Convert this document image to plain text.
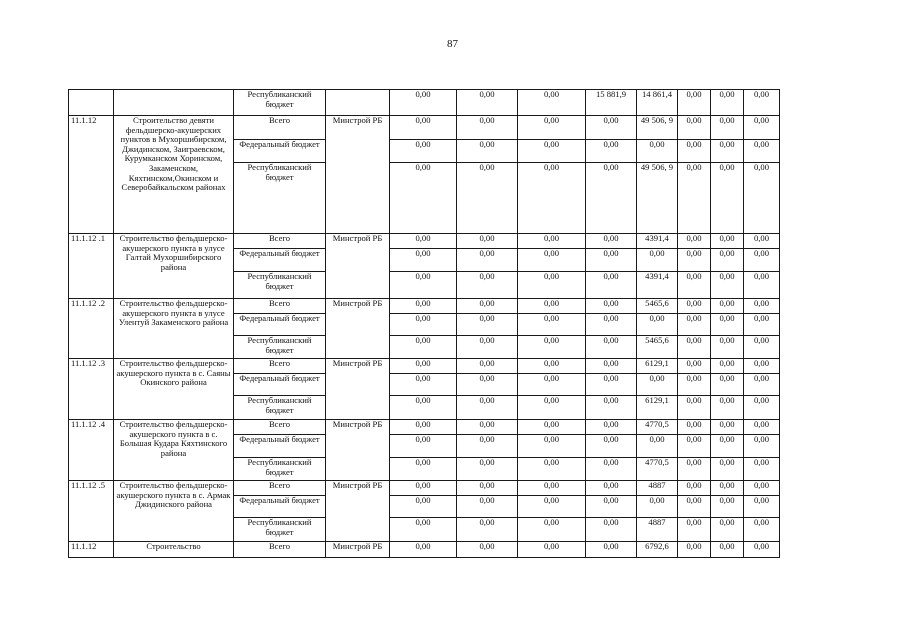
87
		Республиканский бюджет		0,00	0,00	0,00	15 881,9	14 861,4	0,00	0,00	0,00
11.1.12	Строительство девяти фельдшерско-акушерских пунктов в Мухоршибирском, Джидинском, Заиграевском, Курумканском Хоринском, Закаменском, Кяхтинском,Окинском и Северобайкальском районах	Всего	Минстрой РБ	0,00	0,00	0,00	0,00	49 506, 9	0,00	0,00	0,00
		Федеральный бюджет		0,00	0,00	0,00	0,00	0,00	0,00	0,00	0,00
		Республиканский бюджет		0,00	0,00	0,00	0,00	49 506, 9	0,00	0,00	0,00
11.1.12 .1	Строительство фельдшерско-акушерского пункта в улусе Галтай Мухоршибирского района	Всего	Минстрой РБ	0,00	0,00	0,00	0,00	4391,4	0,00	0,00	0,00
		Федеральный бюджет		0,00	0,00	0,00	0,00	0,00	0,00	0,00	0,00
		Республиканский бюджет		0,00	0,00	0,00	0,00	4391,4	0,00	0,00	0,00
11.1.12 .2	Строительство фельдшерско-акушерского пункта в улусе Улентуй Закаменского района	Всего	Минстрой РБ	0,00	0,00	0,00	0,00	5465,6	0,00	0,00	0,00
		Федеральный бюджет		0,00	0,00	0,00	0,00	0,00	0,00	0,00	0,00
		Республиканский бюджет		0,00	0,00	0,00	0,00	5465,6	0,00	0,00	0,00
11.1.12 .3	Строительство фельдшерско-акушерского пункта в с. Саяны Окинского района	Всего	Минстрой РБ	0,00	0,00	0,00	0,00	6129,1	0,00	0,00	0,00
		Федеральный бюджет		0,00	0,00	0,00	0,00	0,00	0,00	0,00	0,00
		Республиканский бюджет		0,00	0,00	0,00	0,00	6129,1	0,00	0,00	0,00
11.1.12 .4	Строительство фельдшерско-акушерского пункта в с. Большая Кудара Кяхтинского района	Всего	Минстрой РБ	0,00	0,00	0,00	0,00	4770,5	0,00	0,00	0,00
		Федеральный бюджет		0,00	0,00	0,00	0,00	0,00	0,00	0,00	0,00
		Республиканский бюджет		0,00	0,00	0,00	0,00	4770,5	0,00	0,00	0,00
11.1.12 .5	Строительство фельдшерско-акушерского пункта в с. Армак Джидинского района	Всего	Минстрой РБ	0,00	0,00	0,00	0,00	4887	0,00	0,00	0,00
		Федеральный бюджет		0,00	0,00	0,00	0,00	0,00	0,00	0,00	0,00
		Республиканский бюджет		0,00	0,00	0,00	0,00	4887	0,00	0,00	0,00
11.1.12	Строительство	Всего	Минстрой РБ	0,00	0,00	0,00	0,00	6792,6	0,00	0,00	0,00
